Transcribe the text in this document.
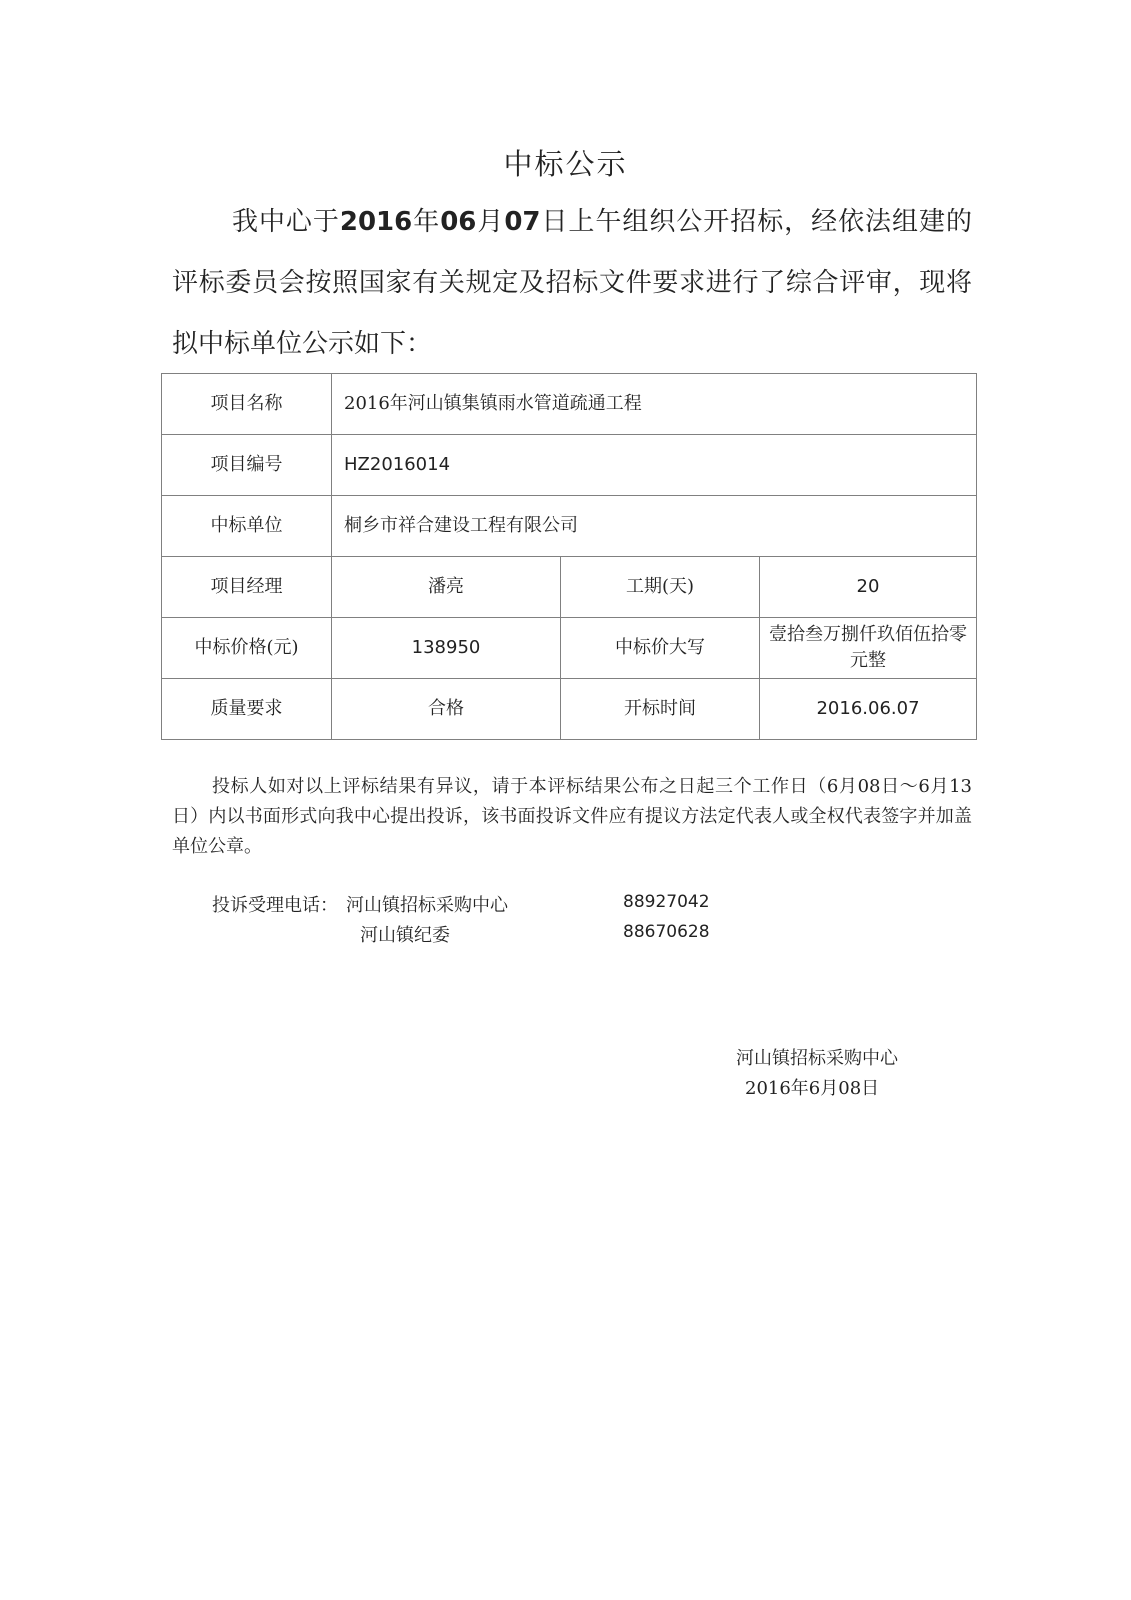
中标公示
我中心于2016年06月07日上午组织公开招标，经依法组建的评标委员会按照国家有关规定及招标文件要求进行了综合评审，现将拟中标单位公示如下：
项目名称	2016年河山镇集镇雨水管道疏通工程		
项目编号	HZ2016014		
中标单位	桐乡市祥合建设工程有限公司		
项目经理	潘亮	工期(天)	20
中标价格(元)	138950	中标价大写	壹拾叁万捌仟玖佰伍拾零元整
质量要求	合格	开标时间	2016.06.07
投标人如对以上评标结果有异议，请于本评标结果公布之日起三个工作日（6月08日～6月13日）内以书面形式向我中心提出投诉，该书面投诉文件应有提议方法定代表人或全权代表签字并加盖单位公章。
投诉受理电话： 河山镇招标采购中心	88927042
河山镇纪委	88670628
河山镇招标采购中心
2016年6月08日
